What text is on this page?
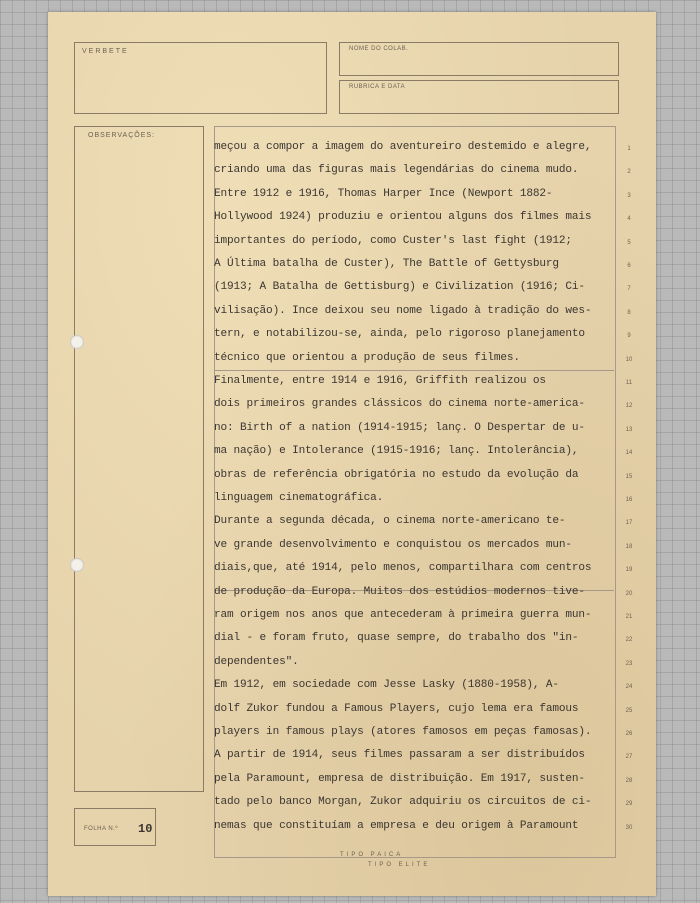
VERBETE	NOME DO COLAB.
RUBRICA E DATA
OBSERVAÇÕES:
FOLHA N.º 10
TIPO PAICA
TIPO ELITE
meçou a compor a imagem do aventureiro destemido e alegre,
criando uma das figuras mais legendárias do cinema mudo.
Entre 1912 e 1916, Thomas Harper Ince (Newport 1882-
Hollywood 1924) produziu e orientou alguns dos filmes mais
importantes do período, como Custer's last fight (1912;
A Última batalha de Custer), The Battle of Gettysburg
(1913; A Batalha de Gettisburg) e Civilization (1916; Ci-
vilisação). Ince deixou seu nome ligado à tradição do wes-
tern, e notabilizou-se, ainda, pelo rigoroso planejamento
técnico que orientou a produção de seus filmes.
Finalmente, entre 1914 e 1916, Griffith realizou os
dois primeiros grandes clássicos do cinema norte-america-
no: Birth of a nation (1914-1915; lanç. O Despertar de u-
ma nação) e Intolerance (1915-1916; lanç. Intolerância),
obras de referência obrigatória no estudo da evolução da
linguagem cinematográfica.
Durante a segunda década, o cinema norte-americano te-
ve grande desenvolvimento e conquistou os mercados mun-
diais,que, até 1914, pelo menos, compartilhara com centros
de produção da Europa. Muitos dos estúdios modernos tive-
ram origem nos anos que antecederam à primeira guerra mun-
dial - e foram fruto, quase sempre, do trabalho dos "in-
dependentes".
Em 1912, em sociedade com Jesse Lasky (1880-1958), A-
dolf Zukor fundou a Famous Players, cujo lema era famous
players in famous plays (atores famosos em peças famosas).
A partir de 1914, seus filmes passaram a ser distribuídos
pela Paramount, empresa de distribuição. Em 1917, susten-
tado pelo banco Morgan, Zukor adquiriu os circuitos de ci-
nemas que constituíam a empresa e deu origem à Paramount
1
2
3
4
5
6
7
8
9
10
11
12
13
14
15
16
17
18
19
20
21
22
23
24
25
26
27
28
29
30
